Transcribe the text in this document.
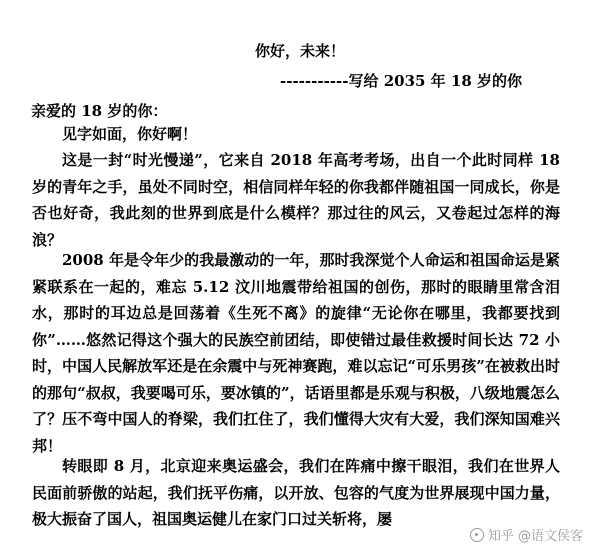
你好，未来！
-----------写给 2035 年 18 岁的你
亲爱的 18 岁的你：
见字如面，你好啊！
这是一封“时光慢递”，它来自 2018 年高考考场，出自一个此时同样 18 岁的青年之手，虽处不同时空，相信同样年轻的你我都伴随祖国一同成长，你是否也好奇，我此刻的世界到底是什么模样？那过往的风云，又卷起过怎样的海浪？
2008 年是令年少的我最激动的一年，那时我深觉个人命运和祖国命运是紧紧联系在一起的，难忘 5.12 汶川地震带给祖国的创伤，那时的眼睛里常含泪水，那时的耳边总是回荡着《生死不离》的旋律“无论你在哪里，我都要找到你”……悠然记得这个强大的民族空前团结，即使错过最佳救援时间长达 72 小时，中国人民解放军还是在余震中与死神赛跑，难以忘记“可乐男孩”在被救出时的那句“叔叔，我要喝可乐，要冰镇的”，话语里都是乐观与积极，八级地震怎么了？压不弯中国人的脊梁，我们扛住了，我们懂得大灾有大爱，我们深知国难兴邦！
转眼即 8 月，北京迎来奥运盛会，我们在阵痛中擦干眼泪，我们在世界人民面前骄傲的站起，我们抚平伤痛，以开放、包容的气度为世界展现中国力量，极大振奋了国人，祖国奥运健儿在家门口过关斩将，屡
知乎 @语文侯客
